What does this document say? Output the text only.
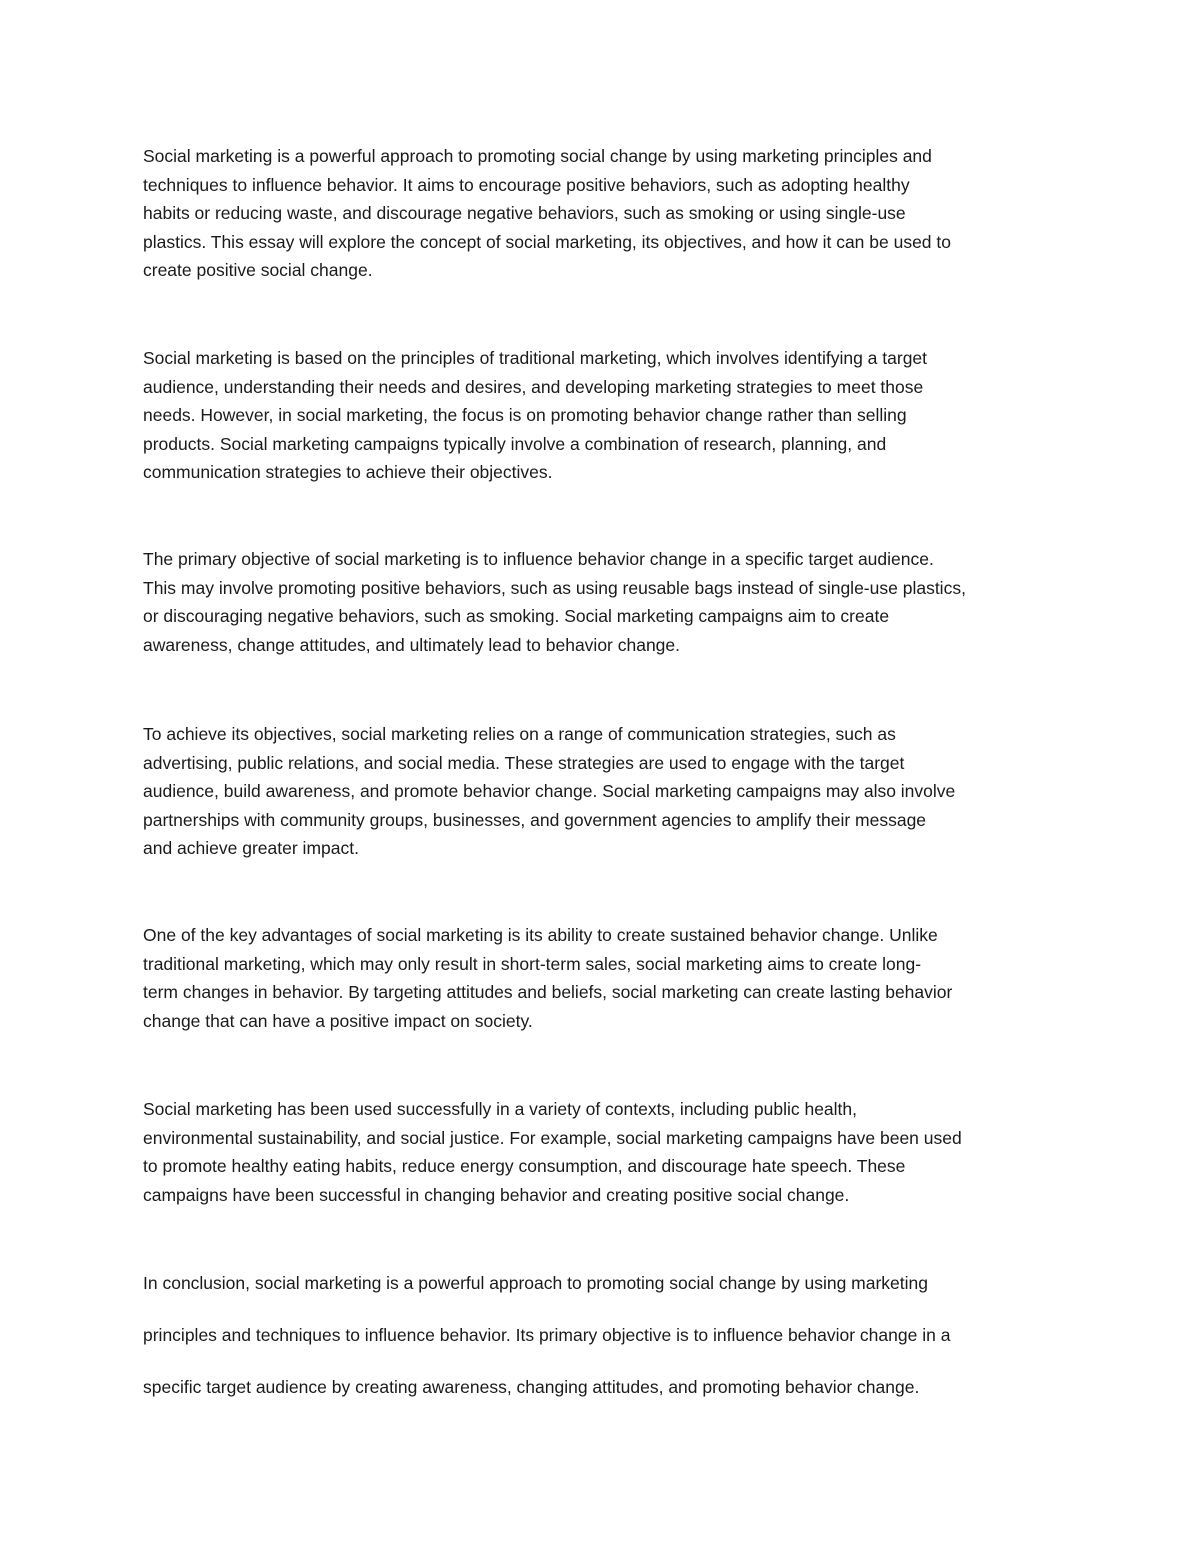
Social marketing is a powerful approach to promoting social change by using marketing principles and
techniques to influence behavior. It aims to encourage positive behaviors, such as adopting healthy
habits or reducing waste, and discourage negative behaviors, such as smoking or using single-use
plastics. This essay will explore the concept of social marketing, its objectives, and how it can be used to
create positive social change.

Social marketing is based on the principles of traditional marketing, which involves identifying a target
audience, understanding their needs and desires, and developing marketing strategies to meet those
needs. However, in social marketing, the focus is on promoting behavior change rather than selling
products. Social marketing campaigns typically involve a combination of research, planning, and
communication strategies to achieve their objectives.

The primary objective of social marketing is to influence behavior change in a specific target audience.
This may involve promoting positive behaviors, such as using reusable bags instead of single-use plastics,
or discouraging negative behaviors, such as smoking. Social marketing campaigns aim to create
awareness, change attitudes, and ultimately lead to behavior change.

To achieve its objectives, social marketing relies on a range of communication strategies, such as
advertising, public relations, and social media. These strategies are used to engage with the target
audience, build awareness, and promote behavior change. Social marketing campaigns may also involve
partnerships with community groups, businesses, and government agencies to amplify their message
and achieve greater impact.

One of the key advantages of social marketing is its ability to create sustained behavior change. Unlike
traditional marketing, which may only result in short-term sales, social marketing aims to create long-
term changes in behavior. By targeting attitudes and beliefs, social marketing can create lasting behavior
change that can have a positive impact on society.

Social marketing has been used successfully in a variety of contexts, including public health,
environmental sustainability, and social justice. For example, social marketing campaigns have been used
to promote healthy eating habits, reduce energy consumption, and discourage hate speech. These
campaigns have been successful in changing behavior and creating positive social change.

In conclusion, social marketing is a powerful approach to promoting social change by using marketing
principles and techniques to influence behavior. Its primary objective is to influence behavior change in a
specific target audience by creating awareness, changing attitudes, and promoting behavior change.
